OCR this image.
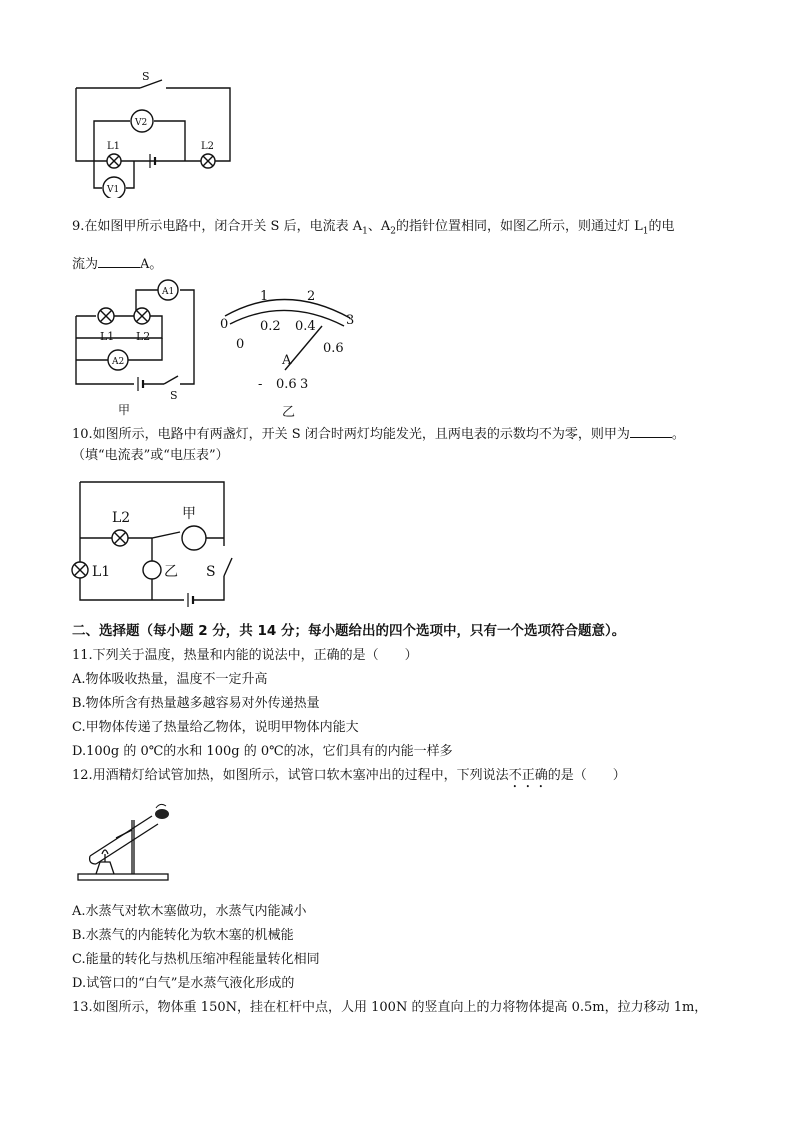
S
V2
V1
L1	L2
9.在如图甲所示电路中，闭合开关 S 后，电流表 $A_1$、$A_2$的指针位置相同，如图乙所示，则通过灯 $L_1$的电
流为	A。
A1
A2
L1 L2
S
甲
0
1	2
3
0
0.2 0.4
0.6
A
- 0.6 3
乙
10.如图所示，电路中有两盏灯，开关 S 闭合时两灯均能发光，且两电表的示数均不为零，则甲为	。
（填“电流表”或“电压表”）
L2	甲
L1	乙 S
二、选择题（每小题 2 分，共 14 分；每小题给出的四个选项中，只有一个选项符合题意）。
11.下列关于温度，热量和内能的说法中，正确的是（　　）
A.物体吸收热量，温度不一定升高
B.物体所含有热量越多越容易对外传递热量
C.甲物体传递了热量给乙物体，说明甲物体内能大
D.100g 的 0℃的水和 100g 的 0℃的冰，它们具有的内能一样多
12.用酒精灯给试管加热，如图所示，试管口软木塞冲出的过程中，下列说法不正确的是（　　）
A.水蒸气对软木塞做功，水蒸气内能减小
B.水蒸气的内能转化为软木塞的机械能
C.能量的转化与热机压缩冲程能量转化相同
D.试管口的“白气”是水蒸气液化形成的
13.如图所示，物体重 150N，挂在杠杆中点，人用 100N 的竖直向上的力将物体提高 0.5m，拉力移动 1m，
